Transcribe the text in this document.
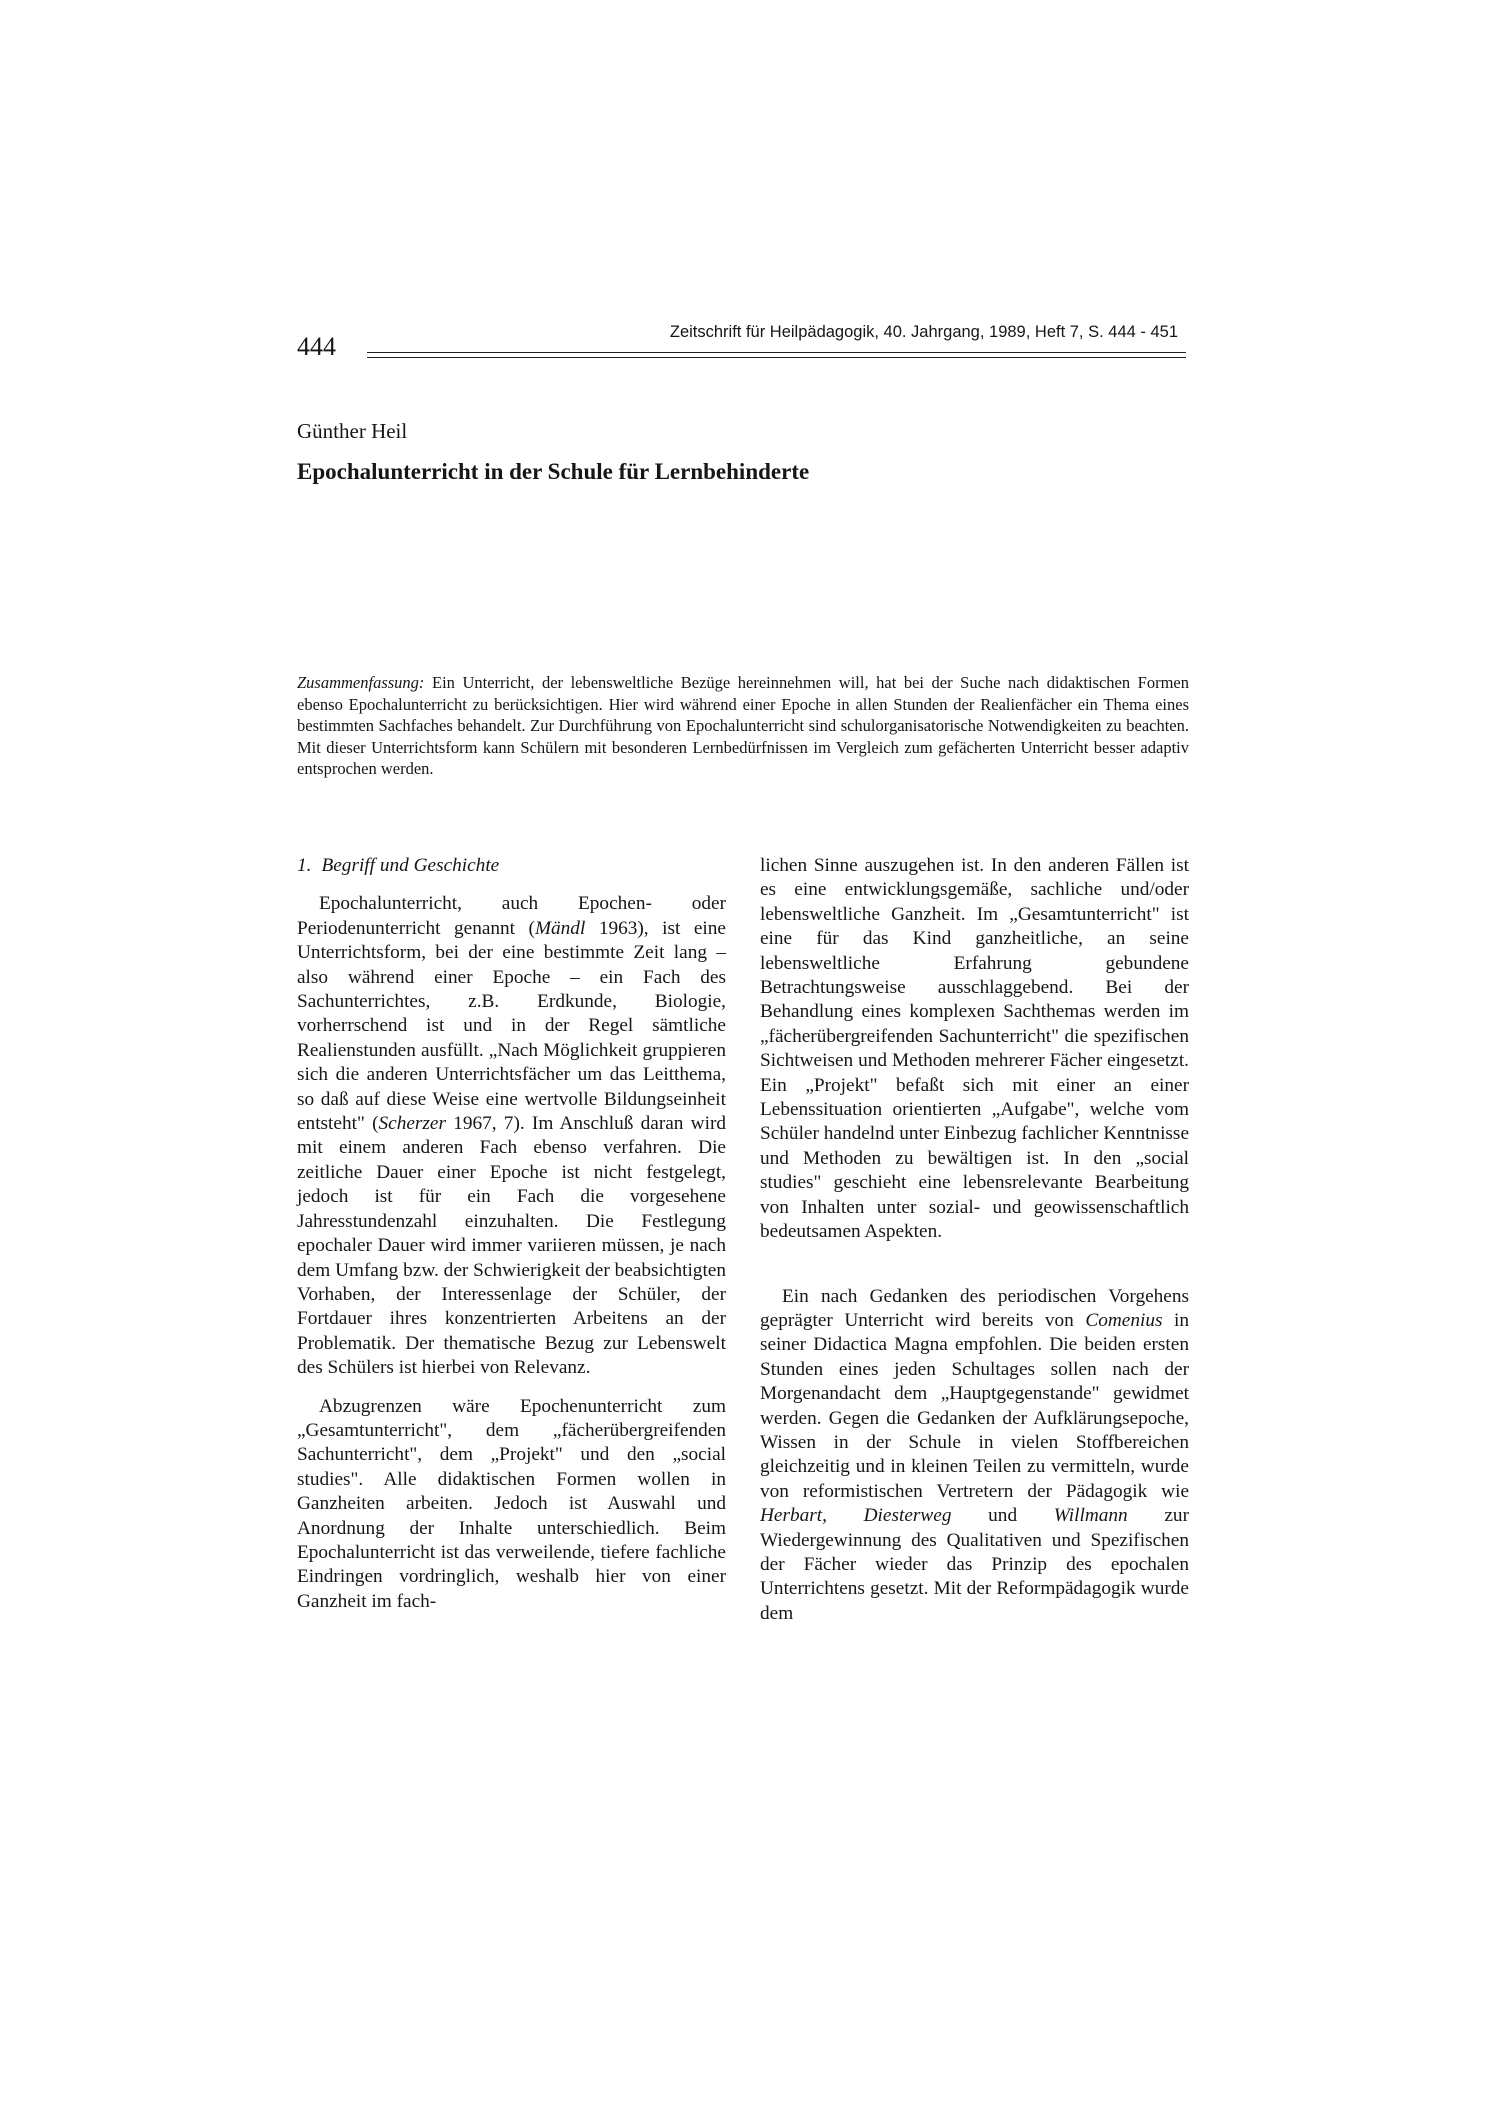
444	Zeitschrift für Heilpädagogik, 40. Jahrgang, 1989, Heft 7, S. 444 - 451
Günther Heil
Epochalunterricht in der Schule für Lernbehinderte
Zusammenfassung: Ein Unterricht, der lebensweltliche Bezüge hereinnehmen will, hat bei der Suche nach didaktischen Formen ebenso Epochalunterricht zu berücksichtigen. Hier wird während einer Epoche in allen Stunden der Realienfächer ein Thema eines bestimmten Sachfaches behandelt. Zur Durchführung von Epochalunterricht sind schulorganisatorische Notwendigkeiten zu beachten. Mit dieser Unterrichtsform kann Schülern mit besonderen Lernbedürfnissen im Vergleich zum gefächerten Unterricht besser adaptiv entsprochen werden.
1. Begriff und Geschichte

Epochalunterricht, auch Epochen- oder Periodenunterricht genannt (Mändl 1963), ist eine Unterrichtsform, bei der eine bestimmte Zeit lang – also während einer Epoche – ein Fach des Sachunterrichtes, z.B. Erdkunde, Biologie, vorherrschend ist und in der Regel sämtliche Realienstunden ausfüllt. „Nach Möglichkeit gruppieren sich die anderen Unterrichtsfächer um das Leitthema, so daß auf diese Weise eine wertvolle Bildungseinheit entsteht" (Scherzer 1967, 7). Im Anschluß daran wird mit einem anderen Fach ebenso verfahren. Die zeitliche Dauer einer Epoche ist nicht festgelegt, jedoch ist für ein Fach die vorgesehene Jahresstundenzahl einzuhalten. Die Festlegung epochaler Dauer wird immer variieren müssen, je nach dem Umfang bzw. der Schwierigkeit der beabsichtigten Vorhaben, der Interessenlage der Schüler, der Fortdauer ihres konzentrierten Arbeitens an der Problematik. Der thematische Bezug zur Lebenswelt des Schülers ist hierbei von Relevanz.

Abzugrenzen wäre Epochenunterricht zum „Gesamtunterricht", dem „fächerübergreifenden Sachunterricht", dem „Projekt" und den „social studies". Alle didaktischen Formen wollen in Ganzheiten arbeiten. Jedoch ist Auswahl und Anordnung der Inhalte unterschiedlich. Beim Epochalunterricht ist das verweilende, tiefere fachliche Eindringen vordringlich, weshalb hier von einer Ganzheit im fach-

lichen Sinne auszugehen ist. In den anderen Fällen ist es eine entwicklungsgemäße, sachliche und/oder lebensweltliche Ganzheit. Im „Gesamtunterricht" ist eine für das Kind ganzheitliche, an seine lebensweltliche Erfahrung gebundene Betrachtungsweise ausschlaggebend. Bei der Behandlung eines komplexen Sachthemas werden im „fächerübergreifenden Sachunterricht" die spezifischen Sichtweisen und Methoden mehrerer Fächer eingesetzt. Ein „Projekt" befaßt sich mit einer an einer Lebenssituation orientierten „Aufgabe", welche vom Schüler handelnd unter Einbezug fachlicher Kenntnisse und Methoden zu bewältigen ist. In den „social studies" geschieht eine lebensrelevante Bearbeitung von Inhalten unter sozial- und geowissenschaftlich bedeutsamen Aspekten.

Ein nach Gedanken des periodischen Vorgehens geprägter Unterricht wird bereits von Comenius in seiner Didactica Magna empfohlen. Die beiden ersten Stunden eines jeden Schultages sollen nach der Morgenandacht dem „Hauptgegenstande" gewidmet werden. Gegen die Gedanken der Aufklärungsepoche, Wissen in der Schule in vielen Stoffbereichen gleichzeitig und in kleinen Teilen zu vermitteln, wurde von reformistischen Vertretern der Pädagogik wie Herbart, Diesterweg und Willmann zur Wiedergewinnung des Qualitativen und Spezifischen der Fächer wieder das Prinzip des epochalen Unterrichtens gesetzt. Mit der Reformpädagogik wurde dem
